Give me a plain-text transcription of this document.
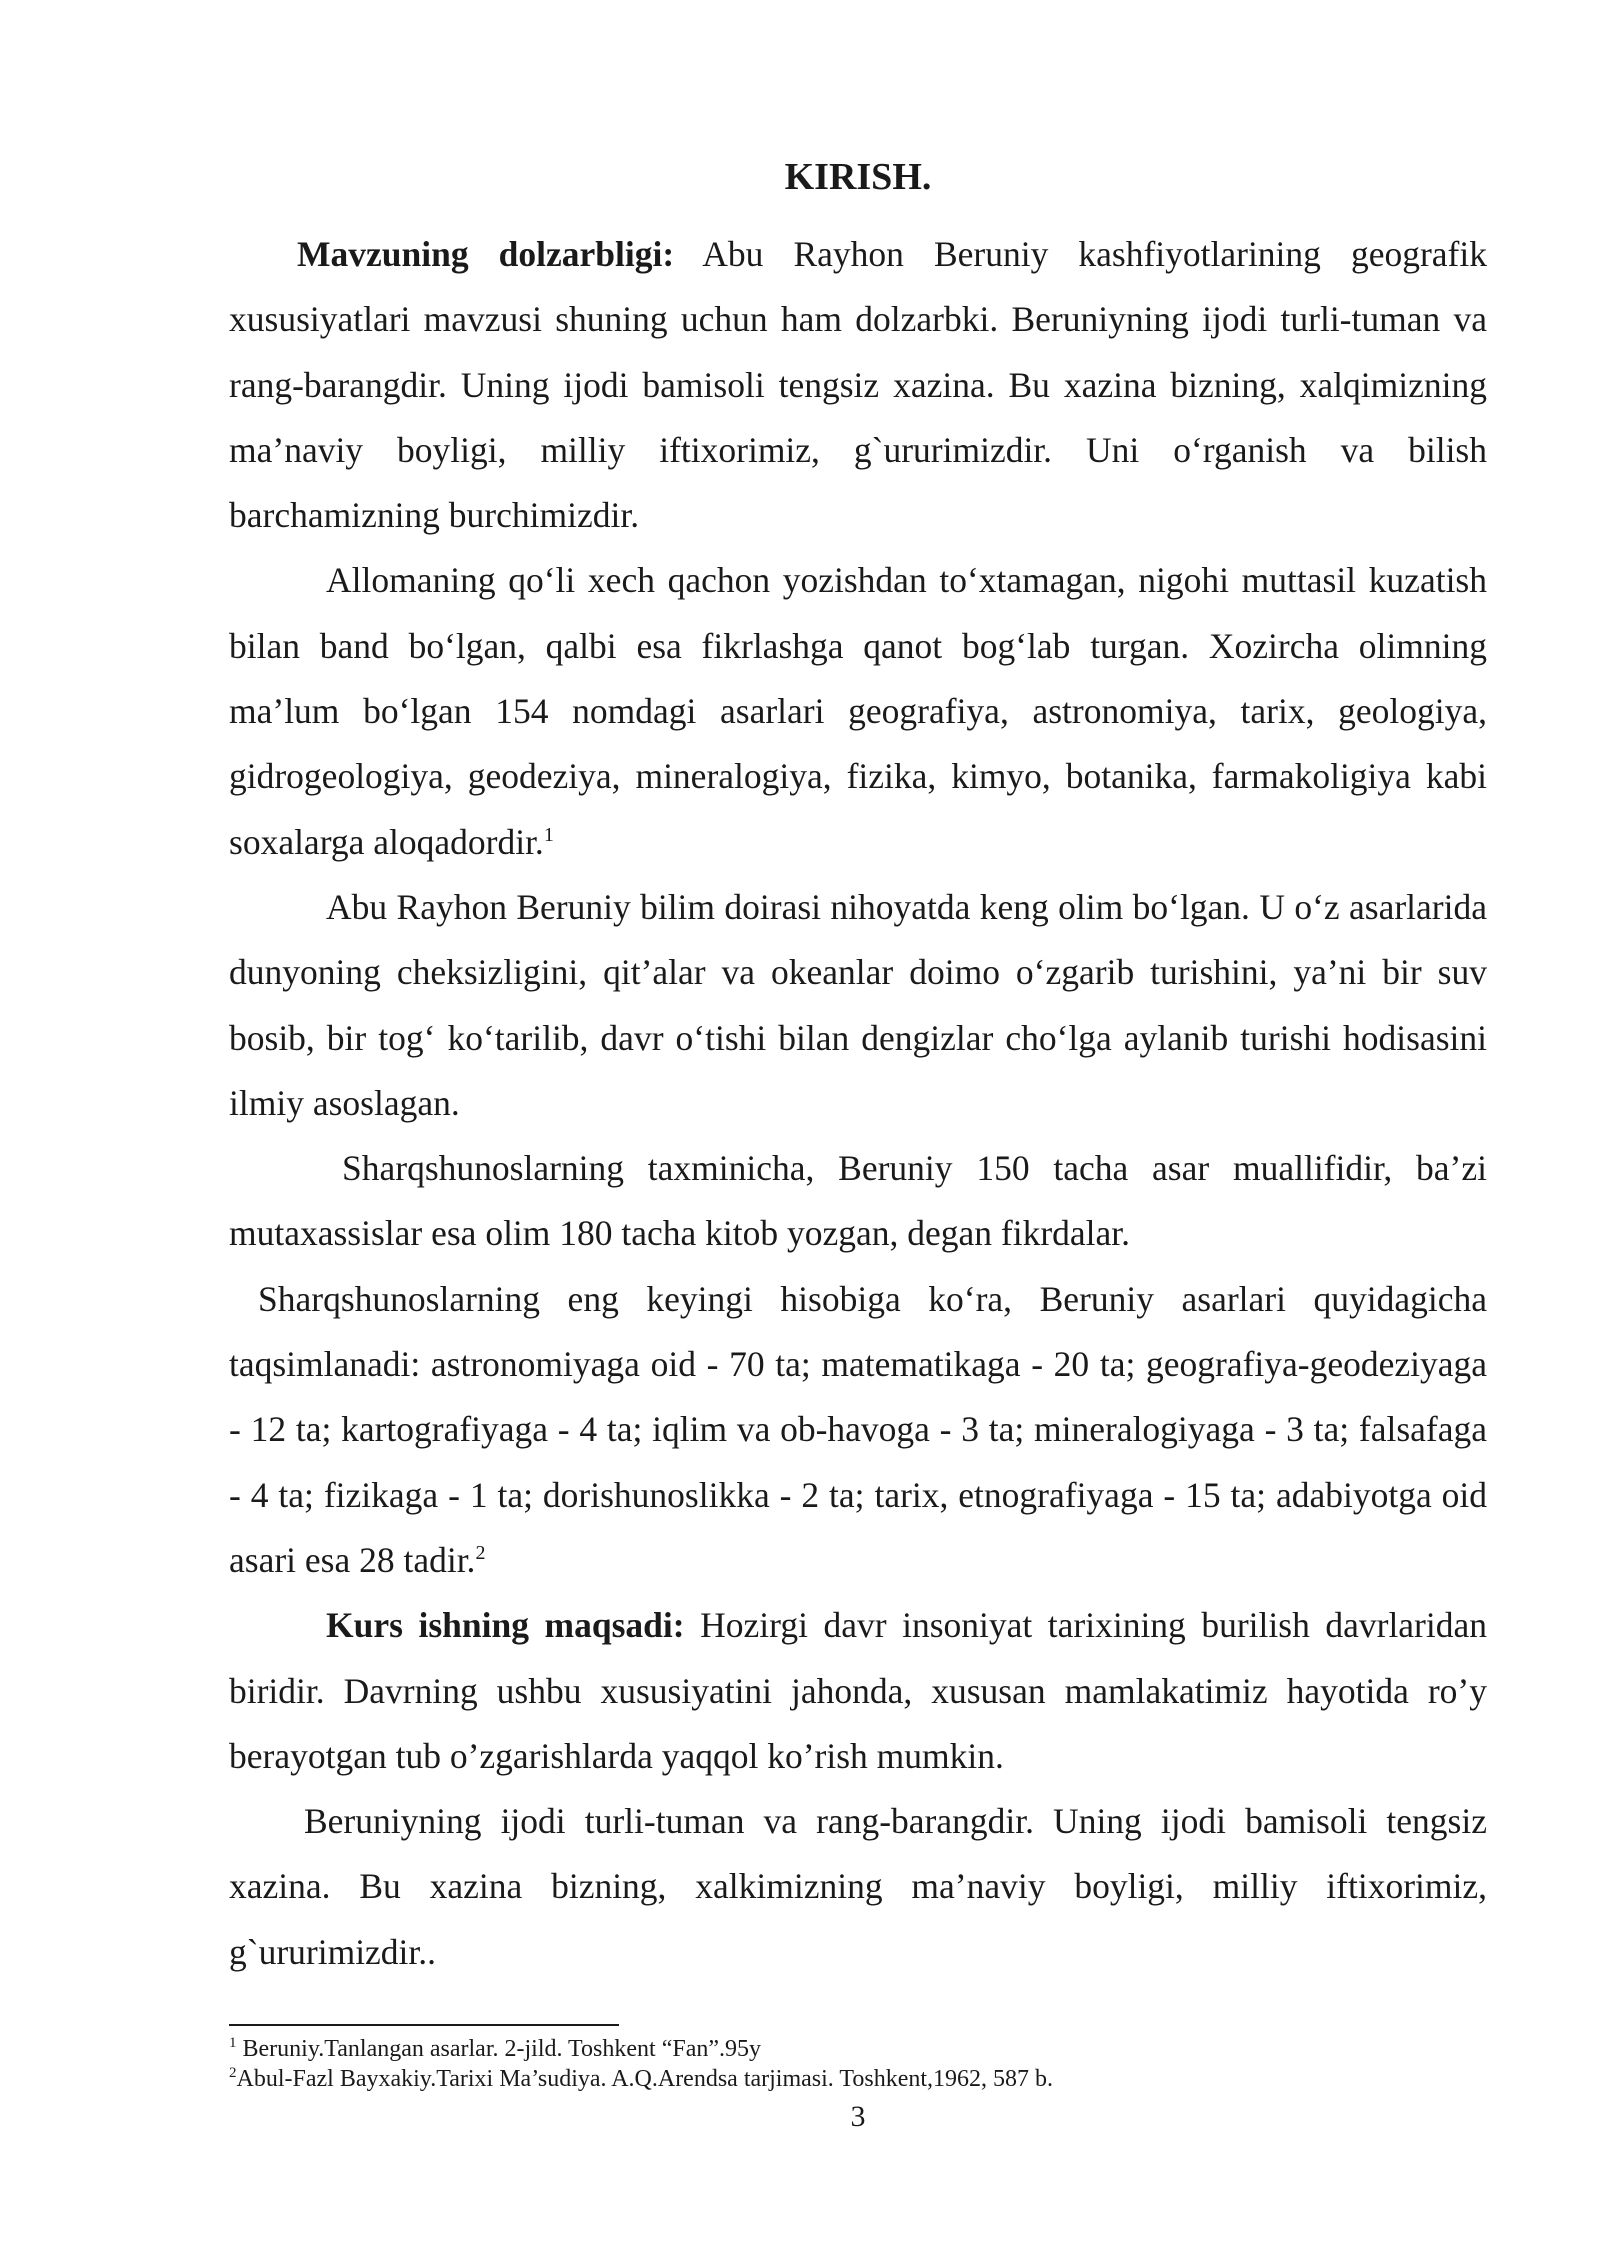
KIRISH.

Mavzuning dolzarbligi: Abu Rayhon Beruniy kashfiyotlarining geografik xususiyatlari mavzusi shuning uchun ham dolzarbki. Beruniyning ijodi turli-tuman va rang-barangdir. Uning ijodi bamisoli tengsiz xazina. Bu xazina bizning, xalqimizning ma’naviy boyligi, milliy iftixorimiz, g`ururimizdir. Uni o‘rganish va bilish barchamizning burchimizdir.

Allomaning qo‘li xech qachon yozishdan to‘xtamagan, nigohi muttasil kuzatish bilan band bo‘lgan, qalbi esa fikrlashga qanot bog‘lab turgan. Xozircha olimning ma’lum bo‘lgan 154 nomdagi asarlari geografiya, astronomiya, tarix, geologiya, gidrogeologiya, geodeziya, mineralogiya, fizika, kimyo, botanika, farmakoligiya kabi soxalarga aloqadordir.$^1$

Abu Rayhon Beruniy bilim doirasi nihoyatda keng olim bo‘lgan. U o‘z asarlarida dunyoning cheksizligini, qit’alar va okeanlar doimo o‘zgarib turishini, ya’ni bir suv bosib, bir tog‘ ko‘tarilib, davr o‘tishi bilan dengizlar cho‘lga aylanib turishi hodisasini ilmiy asoslagan.

Sharqshunoslarning taxminicha, Beruniy 150 tacha asar muallifidir, ba’zi mutaxassislar esa olim 180 tacha kitob yozgan, degan fikrdalar.

Sharqshunoslarning eng keyingi hisobiga ko‘ra, Beruniy asarlari quyidagicha taqsimlanadi: astronomiyaga oid - 70 ta; matematikaga - 20 ta; geografiya-geodeziyaga - 12 ta; kartografiyaga - 4 ta; iqlim va ob-havoga - 3 ta; mineralogiyaga - 3 ta; falsafaga - 4 ta; fizikaga - 1 ta; dorishunoslikka - 2 ta; tarix, etnografiyaga - 15 ta; adabiyotga oid asari esa 28 tadir.$^2$

Kurs ishning maqsadi: Hozirgi davr insoniyat tarixining burilish davrlaridan biridir. Davrning ushbu xususiyatini jahonda, xususan mamlakatimiz hayotida ro’y berayotgan tub o’zgarishlarda yaqqol ko’rish mumkin.

Beruniyning ijodi turli-tuman va rang-barangdir. Uning ijodi bamisoli tengsiz xazina. Bu xazina bizning, xalkimizning ma’naviy boyligi, milliy iftixorimiz, g`ururimizdir..

$^1$ Beruniy.Tanlangan asarlar. 2-jild. Toshkent “Fan”.95y

$^2$Abul-Fazl Bayxakiy.Tarixi Ma’sudiya. A.Q.Arendsa tarjimasi. Toshkent,1962, 587 b.

3
